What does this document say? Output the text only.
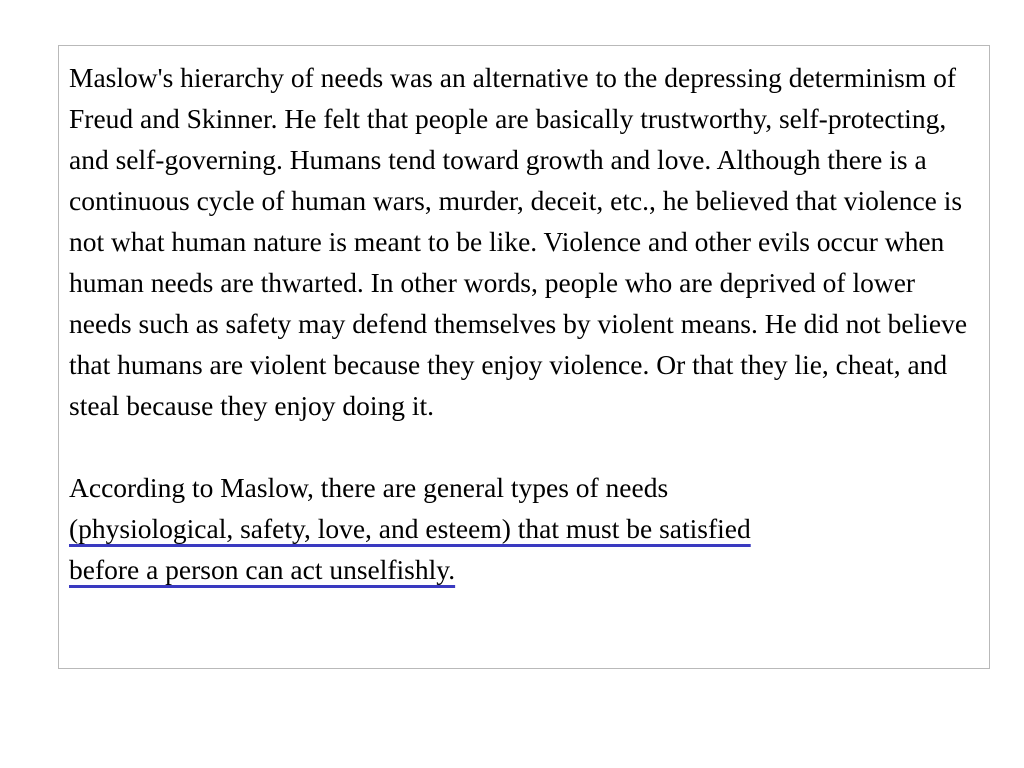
Maslow's hierarchy of needs was an alternative to the depressing determinism of Freud and Skinner. He felt that people are basically trustworthy, self-protecting, and self-governing. Humans tend toward growth and love. Although there is a continuous cycle of human wars, murder, deceit, etc., he believed that violence is not what human nature is meant to be like. Violence and other evils occur when human needs are thwarted. In other words, people who are deprived of lower needs such as safety may defend themselves by violent means. He did not believe that humans are violent because they enjoy violence. Or that they lie, cheat, and steal because they enjoy doing it.

According to Maslow, there are general types of needs
(physiological, safety, love, and esteem) that must be satisfied
before a person can act unselfishly.
